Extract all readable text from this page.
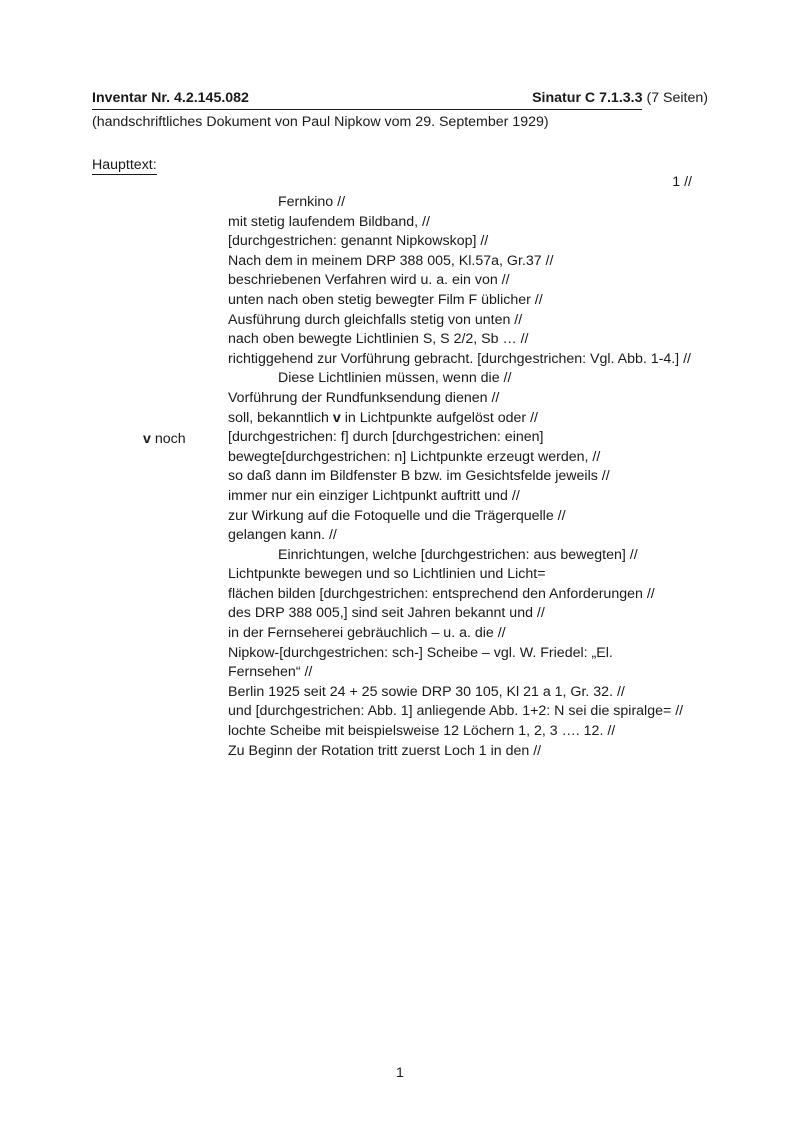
Inventar Nr. 4.2.145.082	Sinatur C 7.1.3.3 (7 Seiten)
(handschriftliches Dokument von Paul Nipkow vom 29. September 1929)
Haupttext:
1 //
Fernkino //
mit stetig laufendem Bildband, //
[durchgestrichen: genannt Nipkowskop] //
Nach dem in meinem DRP 388 005, Kl.57a, Gr.37 //
beschriebenen Verfahren wird u. a. ein von //
unten nach oben stetig bewegter Film F üblicher //
Ausführung durch gleichfalls stetig von unten //
nach oben bewegte Lichtlinien S, S 2/2, Sb … //
richtiggehend zur Vorführung gebracht. [durchgestrichen: Vgl. Abb. 1-4.] //
Diese Lichtlinien müssen, wenn die //
Vorführung der Rundfunksendung dienen //
soll, bekanntlich v in Lichtpunkte aufgelöst oder //
[durchgestrichen: f] durch [durchgestrichen: einen]
bewegte[durchgestrichen: n] Lichtpunkte erzeugt werden, //
so daß dann im Bildfenster B bzw. im Gesichtsfelde jeweils //
immer nur ein einziger Lichtpunkt auftritt und //
zur Wirkung auf die Fotoquelle und die Trägerquelle //
gelangen kann. //
Einrichtungen, welche [durchgestrichen: aus bewegten] //
Lichtpunkte bewegen und so Lichtlinien und Licht=
flächen bilden [durchgestrichen: entsprechend den Anforderungen //
des DRP 388 005,] sind seit Jahren bekannt und //
in der Fernseherei gebräuchlich – u. a. die //
Nipkow-[durchgestrichen: sch-] Scheibe – vgl. W. Friedel: „El.
Fernsehen“ //
Berlin 1925 seit 24 + 25 sowie DRP 30 105, Kl 21 a 1, Gr. 32. //
und [durchgestrichen: Abb. 1] anliegende Abb. 1+2: N sei die spiralge= //
lochte Scheibe mit beispielsweise 12 Löchern 1, 2, 3 …. 12. //
Zu Beginn der Rotation tritt zuerst Loch 1 in den //
v noch
1
